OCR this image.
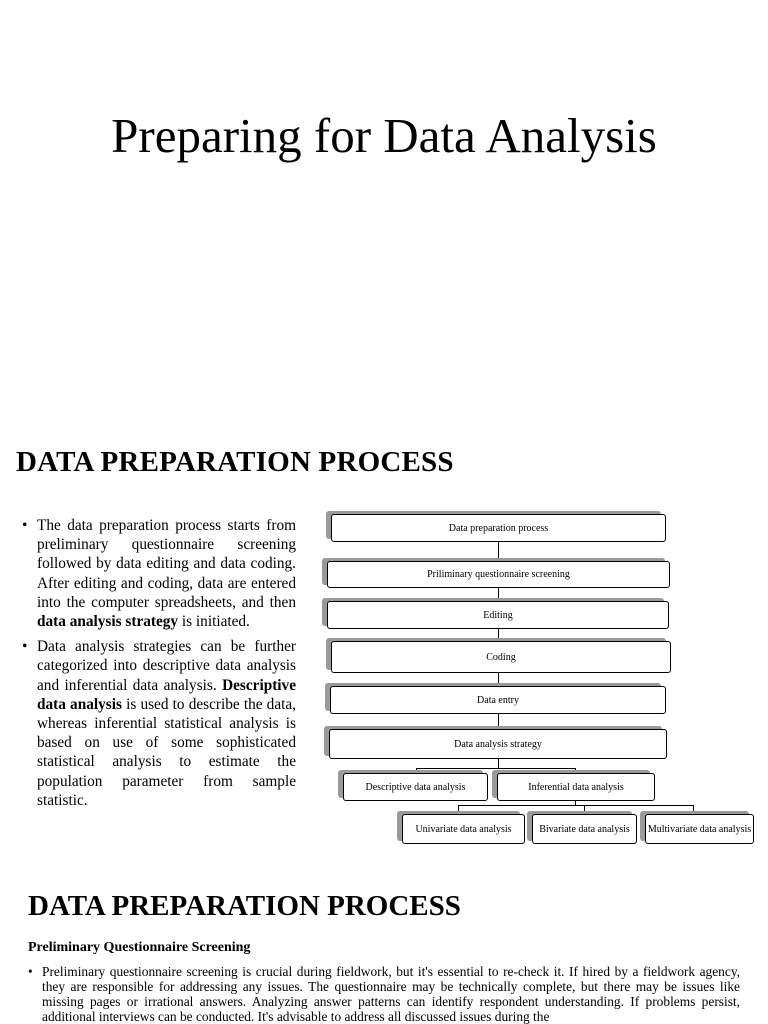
Preparing for Data Analysis
DATA PREPARATION PROCESS
• The data preparation process starts from preliminary questionnaire screening followed by data editing and data coding. After editing and coding, data are entered into the computer spreadsheets, and then data analysis strategy is initiated.
• Data analysis strategies can be further categorized into descriptive data analysis and inferential data analysis. Descriptive data analysis is used to describe the data, whereas inferential statistical analysis is based on use of some sophisticated statistical analysis to estimate the population parameter from sample statistic.
Data preparation process
Priliminary questionnaire screening
Editing
Coding
Data entry
Data analysis strategy
Descriptive data analysis	Inferential data analysis
Univariate data analysis	Bivariate data analysis	Multivariate data analysis
DATA PREPARATION PROCESS
Preliminary Questionnaire Screening
• Preliminary questionnaire screening is crucial during fieldwork, but it's essential to re-check it. If hired by a fieldwork agency, they are responsible for addressing any issues. The questionnaire may be technically complete, but there may be issues like missing pages or irrational answers. Analyzing answer patterns can identify respondent understanding. If problems persist, additional interviews can be conducted. It's advisable to address all discussed issues during the
